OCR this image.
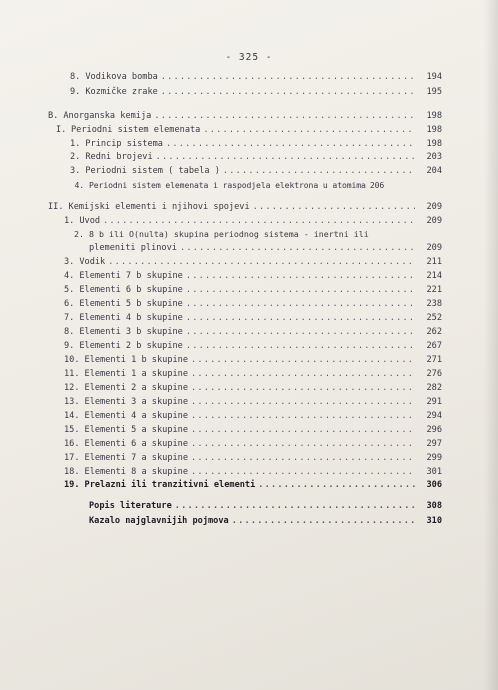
- 325 -
8. Vodikova bomba .....	194
9. Kozmičke zrake .....	195
B. Anorganska kemija .....	198
I. Periodni sistem elemenata .....	198
1. Princip sistema .....	198
2. Redni brojevi .....	203
3. Periodni sistem ( tabela ) .....	204
4. Periodni sistem elemenata i raspodjela elektrona u atomima 206
II. Kemijski elementi i njihovi spojevi .....	209
1. Uvod .....	209
2. 8 b ili O(nulta) skupina periodnog sistema - inertni ili
plemeniti plinovi .....	209
3. Vodik .....	211
4. Elementi 7 b skupine .....	214
5. Elementi 6 b skupine .....	221
6. Elementi 5 b skupine .....	238
7. Elementi 4 b skupine .....	252
8. Elementi 3 b skupine .....	262
9. Elementi 2 b skupine .....	267
10. Elementi 1 b skupine .....	271
11. Elementi 1 a skupine .....	276
12. Elementi 2 a skupine .....	282
13. Elementi 3 a skupine .....	291
14. Elementi 4 a skupine .....	294
15. Elementi 5 a skupine .....	296
16. Elementi 6 a skupine .....	297
17. Elementi 7 a skupine .....	299
18. Elementi 8 a skupine .....	301
19. Prelazni ili tranzitivni elementi .....	306
Popis literature .....	308
Kazalo najglavnijih pojmova .....	310
